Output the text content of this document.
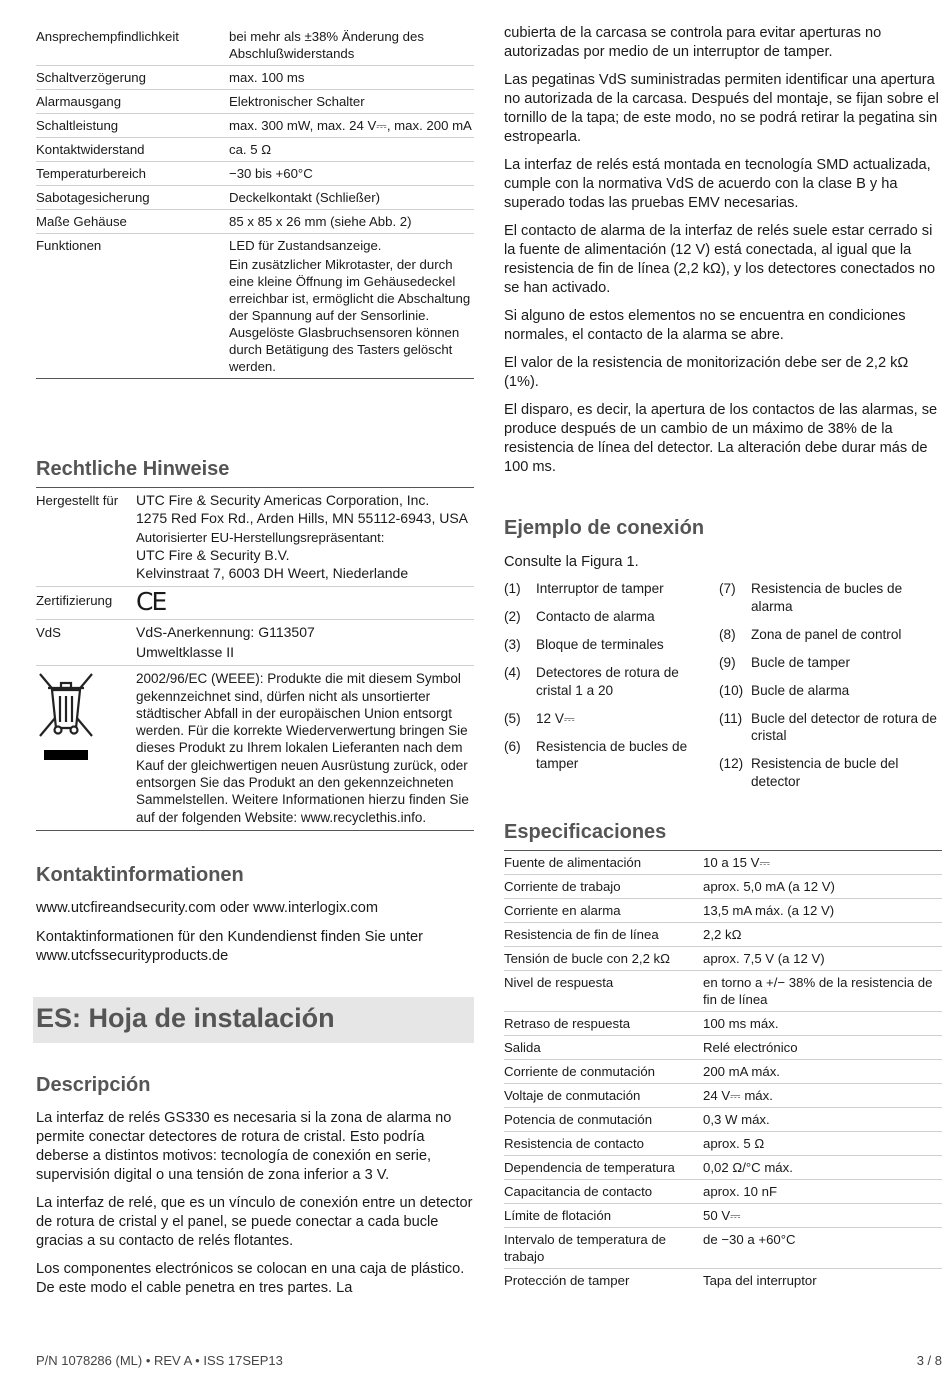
Ansprechempfindlichkeit	bei mehr als ±38% Änderung des Abschlußwiderstands

Schaltverzögerung	max. 100 ms

Alarmausgang	Elektronischer Schalter

Schaltleistung	max. 300 mW, max. 24 V⎓, max. 200 mA

Kontaktwiderstand	ca. 5 Ω

Temperaturbereich	−30 bis +60°C

Sabotagesicherung	Deckelkontakt (Schließer)

Maße Gehäuse	85 x 85 x 26 mm (siehe Abb. 2)

Funktionen	LED für Zustandsanzeige.
Ein zusätzlicher Mikrotaster, der durch eine kleine Öffnung im Gehäusedeckel erreichbar ist, ermöglicht die Abschaltung der Spannung auf der Sensorlinie. Ausgelöste Glasbruchsensoren können durch Betätigung des Tasters gelöscht werden.
Rechtliche Hinweise
Hergestellt für	UTC Fire & Security Americas Corporation, Inc.
1275 Red Fox Rd., Arden Hills, MN 55112-6943, USA
Autorisierter EU-Herstellungsrepräsentant:
UTC Fire & Security B.V.
Kelvinstraat 7, 6003 DH Weert, Niederlande

Zertifizierung	CE
VdS	VdS-Anerkennung: G113507
Umweltklasse II

	2002/96/EC (WEEE): Produkte die mit diesem Symbol gekennzeichnet sind, dürfen nicht als unsortierter städtischer Abfall in der europäischen Union entsorgt werden. Für die korrekte Wiederverwertung bringen Sie dieses Produkt zu Ihrem lokalen Lieferanten nach dem Kauf der gleichwertigen neuen Ausrüstung zurück, oder entsorgen Sie das Produkt an den gekennzeichneten Sammelstellen. Weitere Informationen hierzu finden Sie auf der folgenden Website: www.recyclethis.info.
Kontaktinformationen

www.utcfireandsecurity.com oder www.interlogix.com

Kontaktinformationen für den Kundendienst finden Sie unter www.utcfssecurityproducts.de

ES: Hoja de instalación
Descripción

La interfaz de relés GS330 es necesaria si la zona de alarma no permite conectar detectores de rotura de cristal. Esto podría deberse a distintos motivos: tecnología de conexión en serie, supervisión digital o una tensión de zona inferior a 3 V.

La interfaz de relé, que es un vínculo de conexión entre un detector de rotura de cristal y el panel, se puede conectar a cada bucle gracias a su contacto de relés flotantes.

Los componentes electrónicos se colocan en una caja de plástico. De este modo el cable penetra en tres partes. La

cubierta de la carcasa se controla para evitar aperturas no autorizadas por medio de un interruptor de tamper.

Las pegatinas VdS suministradas permiten identificar una apertura no autorizada de la carcasa. Después del montaje, se fijan sobre el tornillo de la tapa; de este modo, no se podrá retirar la pegatina sin estropearla.

La interfaz de relés está montada en tecnología SMD actualizada, cumple con la normativa VdS de acuerdo con la clase B y ha superado todas las pruebas EMV necesarias.

El contacto de alarma de la interfaz de relés suele estar cerrado si la fuente de alimentación (12 V) está conectada, al igual que la resistencia de fin de línea (2,2 kΩ), y los detectores conectados no se han activado.

Si alguno de estos elementos no se encuentra en condiciones normales, el contacto de la alarma se abre.

El valor de la resistencia de monitorización debe ser de 2,2 kΩ (1%).

El disparo, es decir, la apertura de los contactos de las alarmas, se produce después de un cambio de un máximo de 38% de la resistencia de línea del detector. La alteración debe durar más de 100 ms.

Ejemplo de conexión

Consulte la Figura 1.

(1)	Interruptor de tamper
(2)	Contacto de alarma
(3)	Bloque de terminales
(4)	Detectores de rotura de cristal 1 a 20
(5)	12 V⎓
(6)	Resistencia de bucles de tamper
(7)	Resistencia de bucles de alarma
(8)	Zona de panel de control
(9)	Bucle de tamper
(10) Bucle de alarma
(11) Bucle del detector de rotura de cristal
(12) Resistencia de bucle del detector
Especificaciones
Fuente de alimentación	10 a 15 V⎓
Corriente de trabajo	aprox. 5,0 mA (a 12 V)
Corriente en alarma	13,5 mA máx. (a 12 V)
Resistencia de fin de línea	2,2 kΩ
Tensión de bucle con 2,2 kΩ	aprox. 7,5 V (a 12 V)
Nivel de respuesta	en torno a +/− 38% de la resistencia de fin de línea
Retraso de respuesta	100 ms máx.
Salida	Relé electrónico
Corriente de conmutación	200 mA máx.
Voltaje de conmutación	24 V⎓ máx.
Potencia de conmutación	0,3 W máx.
Resistencia de contacto	aprox. 5 Ω
Dependencia de temperatura	0,02 Ω/°C máx.
Capacitancia de contacto	aprox. 10 nF
Límite de flotación	50 V⎓
Intervalo de temperatura de trabajo	de −30 a +60°C
Protección de tamper	Tapa del interruptor
P/N 1078286 (ML) • REV A • ISS 17SEP13	3 / 8
